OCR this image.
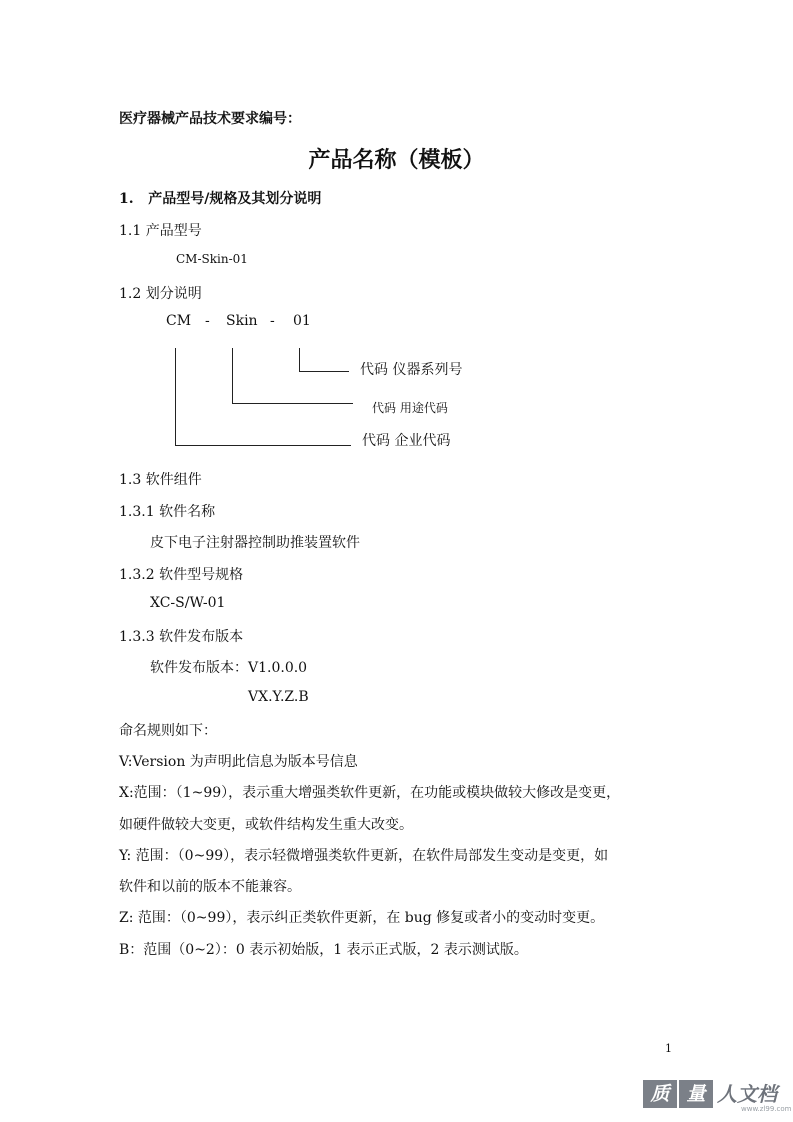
医疗器械产品技术要求编号：
产品名称（模板）
1.   产品型号/规格及其划分说明
1.1 产品型号
CM-Skin-01
1.2 划分说明
CM - Skin - 01
代码 仪器系列号
代码 用途代码
代码 企业代码
1.3 软件组件
1.3.1 软件名称
皮下电子注射器控制助推装置软件
1.3.2 软件型号规格
XC-S/W-01
1.3.3 软件发布版本
软件发布版本：V1.0.0.0
VX.Y.Z.B
命名规则如下：
V:Version 为声明此信息为版本号信息
X:范围：（1~99），表示重大增强类软件更新，在功能或模块做较大修改是变更，
如硬件做较大变更，或软件结构发生重大改变。
Y: 范围：（0~99），表示轻微增强类软件更新，在软件局部发生变动是变更，如
软件和以前的版本不能兼容。
Z: 范围：（0~99），表示纠正类软件更新，在 bug 修复或者小的变动时变更。
B：范围（0~2）：0 表示初始版，1 表示正式版，2 表示测试版。
1
质 量 人文档
www.zl99.com
